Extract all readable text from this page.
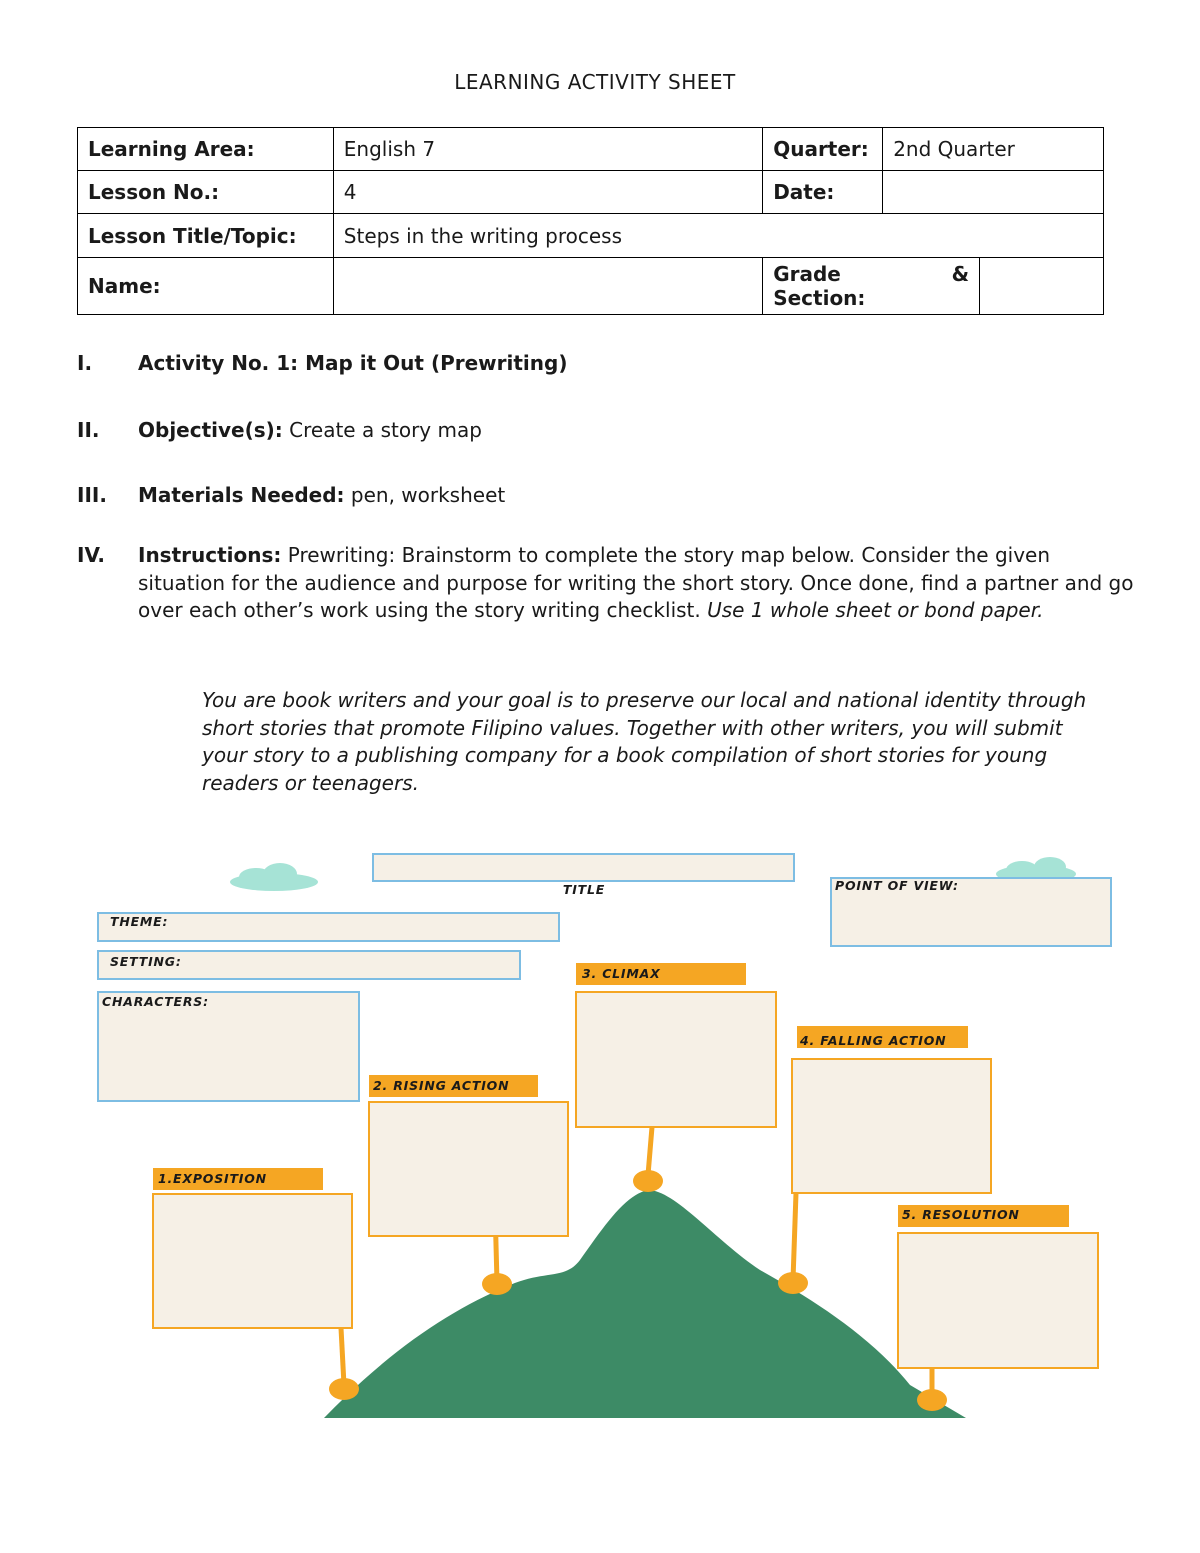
LEARNING ACTIVITY SHEET
Learning Area:	English 7	Quarter:	2nd Quarter	
Lesson No.:	4	Date:		
Lesson Title/Topic:	Steps in the writing process			
Name:		Grade &
Section:		

I. Activity No. 1: Map it Out (Prewriting)
II. Objective(s): Create a story map
III. Materials Needed: pen, worksheet
IV. Instructions: Prewriting: Brainstorm to complete the story map below. Consider the given situation for the audience and purpose for writing the short story. Once done, find a partner and go over each other’s work using the story writing checklist. Use 1 whole sheet or bond paper.
You are book writers and your goal is to preserve our local and national identity through short stories that promote Filipino values. Together with other writers, you will submit your story to a publishing company for a book compilation of short stories for young readers or teenagers.
TITLE	POINT OF VIEW:
THEME:
SETTING:
CHARACTERS:
3. CLIMAX
4. FALLING ACTION
2. RISING ACTION
1.EXPOSITION
5. RESOLUTION
